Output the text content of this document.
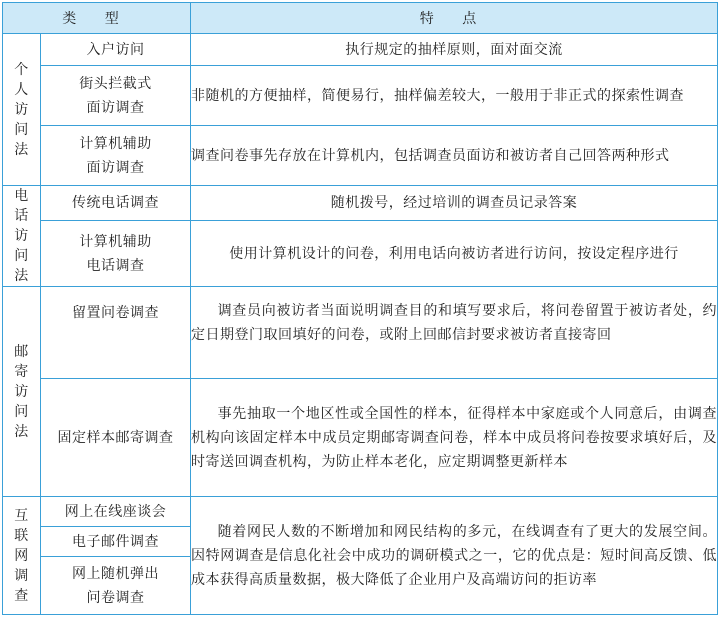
类 型		特 点

个
人
访
问
法	入户访问	执行规定的抽样原则，面对面交流

	街头拦截式
面访调查	非随机的方便抽样，简便易行，抽样偏差较大，一般用于非正式的探索性调查

	计算机辅助
面访调查	调查问卷事先存放在计算机内，包括调查员面访和被访者自己回答两种形式

电
话
访
问
法	传统电话调查	随机拨号，经过培训的调查员记录答案

	计算机辅助
电话调查	使用计算机设计的问卷，利用电话向被访者进行访问，按设定程序进行

邮
寄
访
问
法	留置问卷调查	调查员向被访者当面说明调查目的和填写要求后，将问卷留置于被访者处，约定日期登门取回填好的问卷，或附上回邮信封要求被访者直接寄回

	固定样本邮寄调查	事先抽取一个地区性或全国性的样本，征得样本中家庭或个人同意后，由调查机构向该固定样本中成员定期邮寄调查问卷，样本中成员将问卷按要求填好后，及时寄送回调查机构，为防止样本老化，应定期调整更新样本

互
联
网
调
查	网上在线座谈会	随着网民人数的不断增加和网民结构的多元，在线调查有了更大的发展空间。因特网调查是信息化社会中成功的调研模式之一，它的优点是：短时间高反馈、低成本获得高质量数据，极大降低了企业用户及高端访问的拒访率

	电子邮件调查	

	网上随机弹出
问卷调查	
